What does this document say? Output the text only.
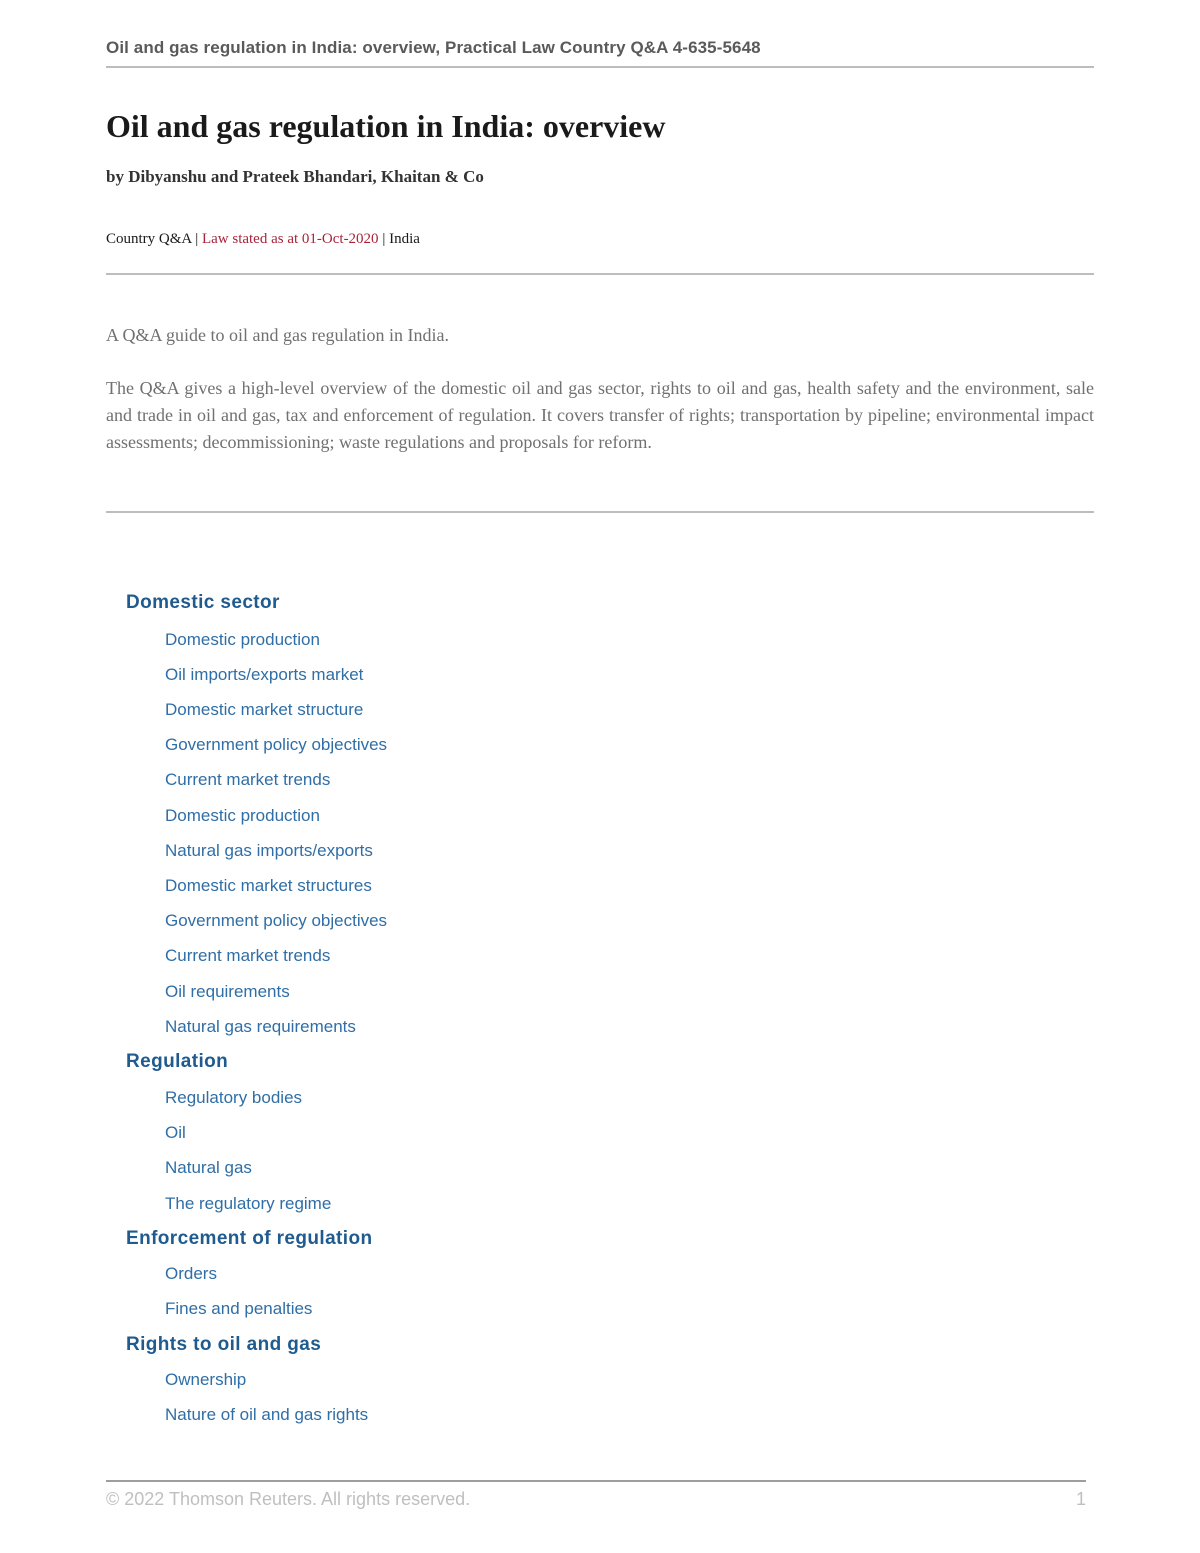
Oil and gas regulation in India: overview, Practical Law Country Q&A 4-635-5648
Oil and gas regulation in India: overview
by Dibyanshu and Prateek Bhandari, Khaitan & Co
Country Q&A | Law stated as at 01-Oct-2020 | India

A Q&A guide to oil and gas regulation in India.

The Q&A gives a high-level overview of the domestic oil and gas sector, rights to oil and gas, health safety and the environment, sale and trade in oil and gas, tax and enforcement of regulation. It covers transfer of rights; transportation by pipeline; environmental impact assessments; decommissioning; waste regulations and proposals for reform.

Domestic sector
Domestic production
Oil imports/exports market
Domestic market structure
Government policy objectives
Current market trends
Domestic production
Natural gas imports/exports
Domestic market structures
Government policy objectives
Current market trends
Oil requirements
Natural gas requirements
Regulation
Regulatory bodies
Oil
Natural gas
The regulatory regime
Enforcement of regulation
Orders
Fines and penalties
Rights to oil and gas
Ownership
Nature of oil and gas rights
© 2022 Thomson Reuters. All rights reserved.	1
